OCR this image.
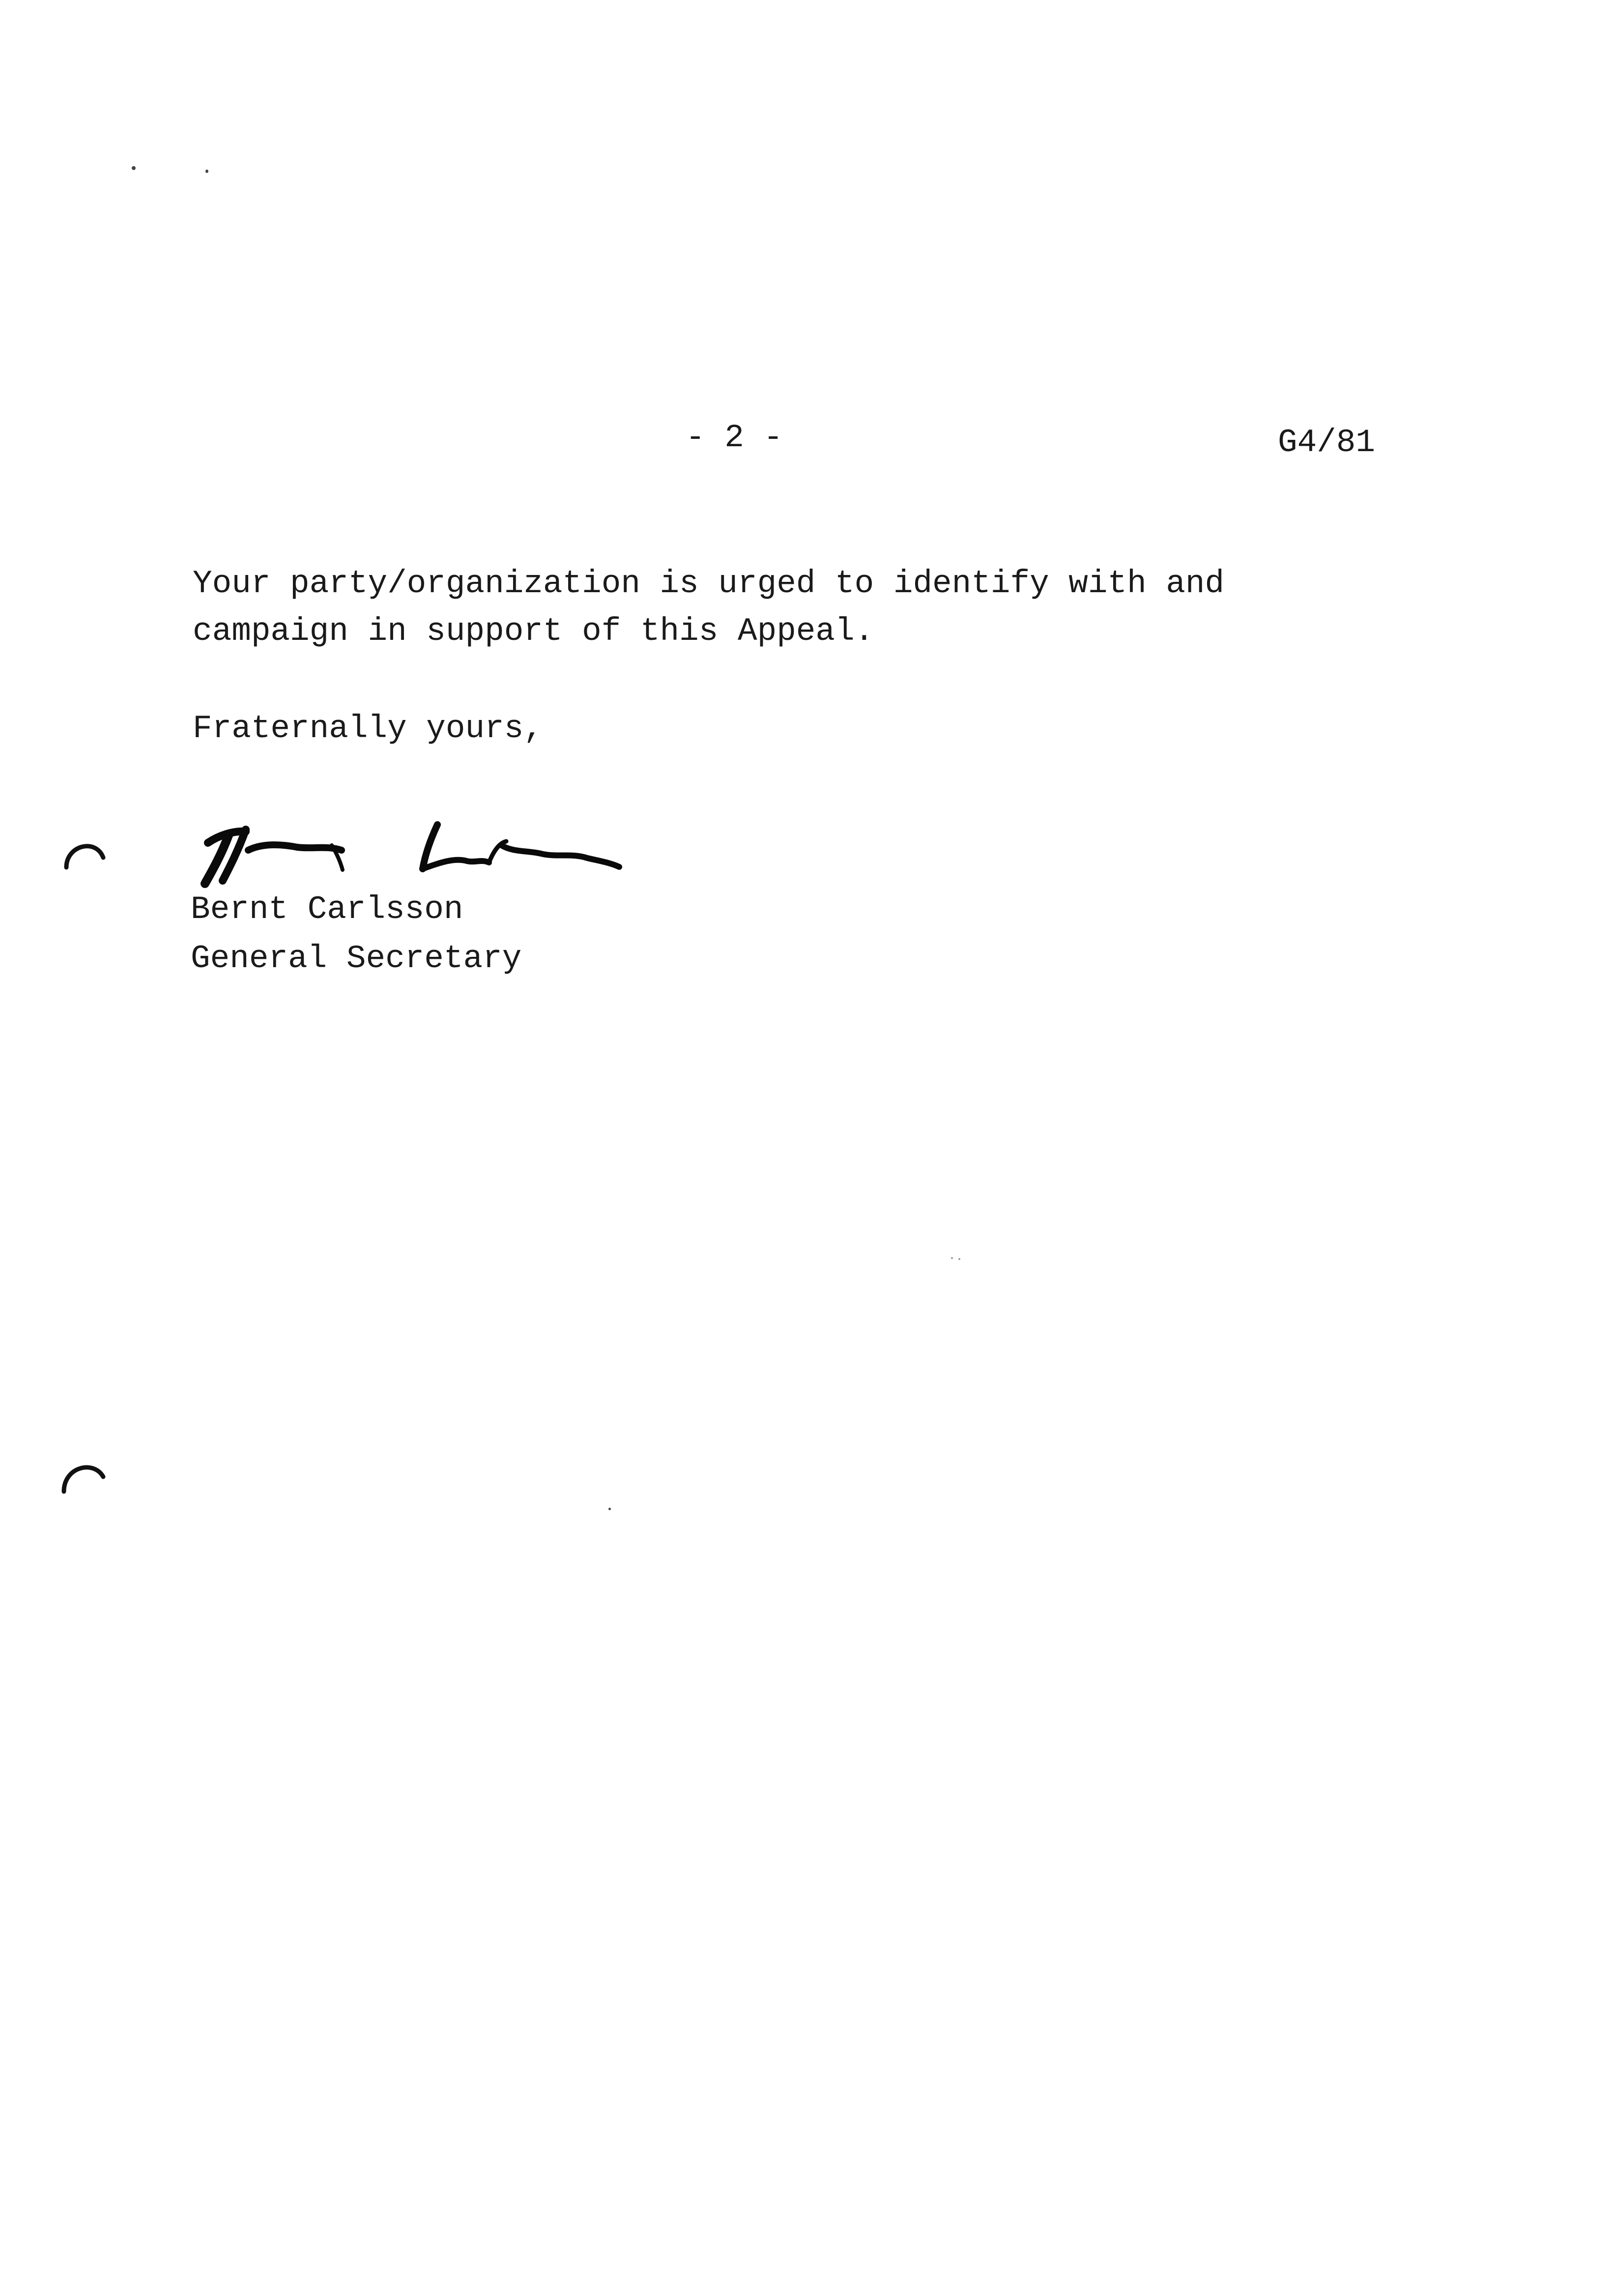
- 2 -	G4/81
Your party/organization is urged to identify with and
campaign in support of this Appeal.
Fraternally yours,
Bernt Carlsson
General Secretary
